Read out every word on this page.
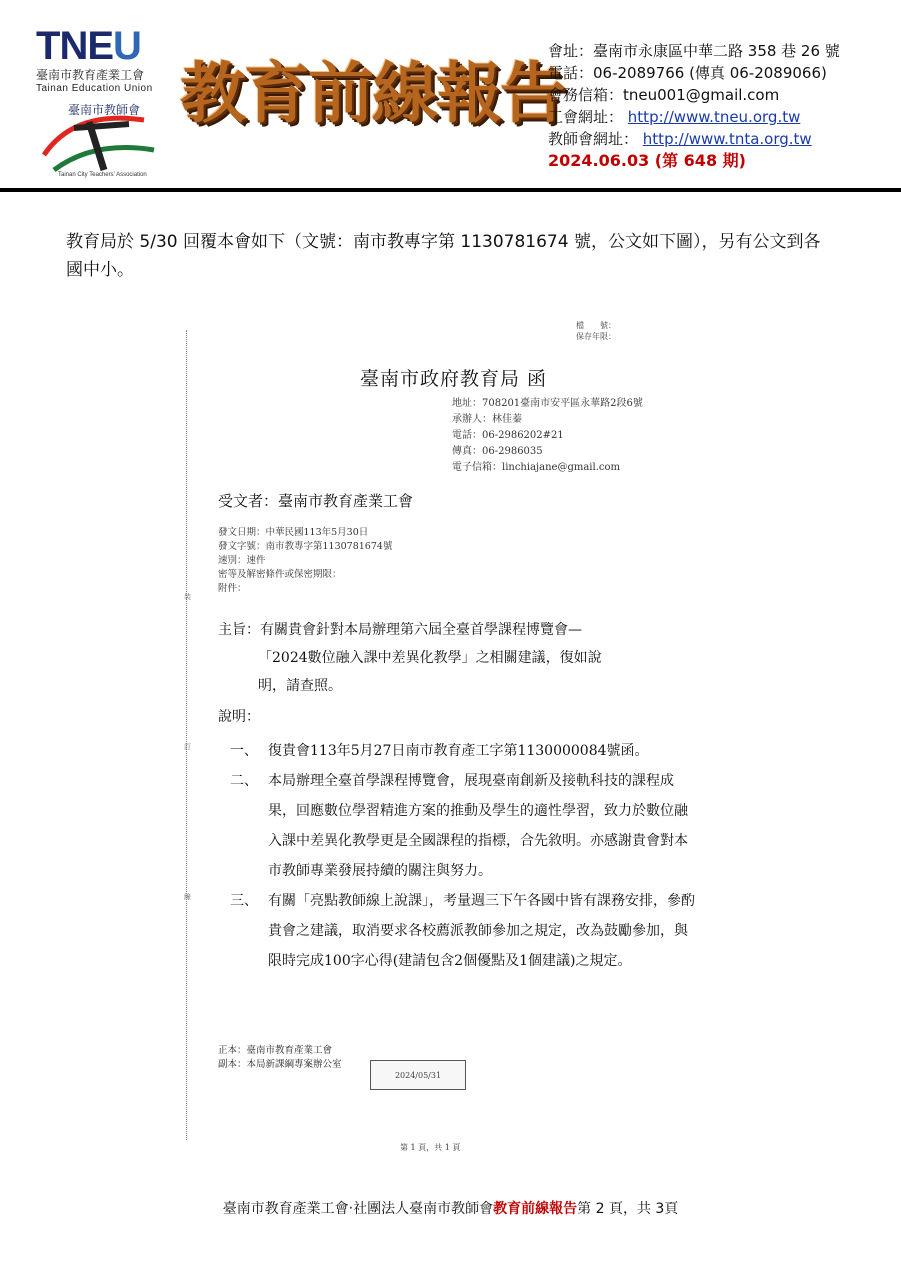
TNEU
臺南市教育產業工會
Tainan Education Union
臺南市教師會
Tainan City Teachers' Association
教育前線報告
會址：臺南市永康區中華二路 358 巷 26 號
電話：06-2089766 (傳真 06-2089066)
會務信箱：tneu001@gmail.com
工會網址： http://www.tneu.org.tw
教師會網址： http://www.tnta.org.tw
2024.06.03 (第 648 期)
教育局於 5/30 回覆本會如下（文號：南市教專字第 1130781674 號，公文如下圖），另有公文到各國中小。
裝
訂
線
檔　　號：
保存年限：
臺南市政府教育局 函
地址：708201臺南市安平區永華路2段6號
承辦人：林佳蓁
電話：06-2986202#21
傳真：06-2986035
電子信箱：linchiajane@gmail.com
受文者：臺南市教育產業工會
發文日期：中華民國113年5月30日
發文字號：南市教專字第1130781674號
速別：速件
密等及解密條件或保密期限：
附件：
主旨：有關貴會針對本局辦理第六屆全臺首學課程博覽會—
「2024數位融入課中差異化教學」之相關建議，復如說
明，請查照。
說明：
一、 復貴會113年5月27日南市教育產工字第1130000084號函。
二、 本局辦理全臺首學課程博覽會，展現臺南創新及接軌科技的課程成果，回應數位學習精進方案的推動及學生的適性學習，致力於數位融入課中差異化教學更是全國課程的指標，合先敘明。亦感謝貴會對本市教師專業發展持續的關注與努力。
三、 有關「亮點教師線上說課」，考量週三下午各國中皆有課務安排，參酌貴會之建議，取消要求各校薦派教師參加之規定，改為鼓勵參加，與限時完成100字心得(建請包含2個優點及1個建議)之規定。
正本：臺南市教育產業工會
副本：本局新課綱專案辦公室
2024/05/31
第 1 頁，共 1 頁
臺南市教育產業工會‧社團法人臺南市教師會教育前線報告第 2 頁，共 3頁
